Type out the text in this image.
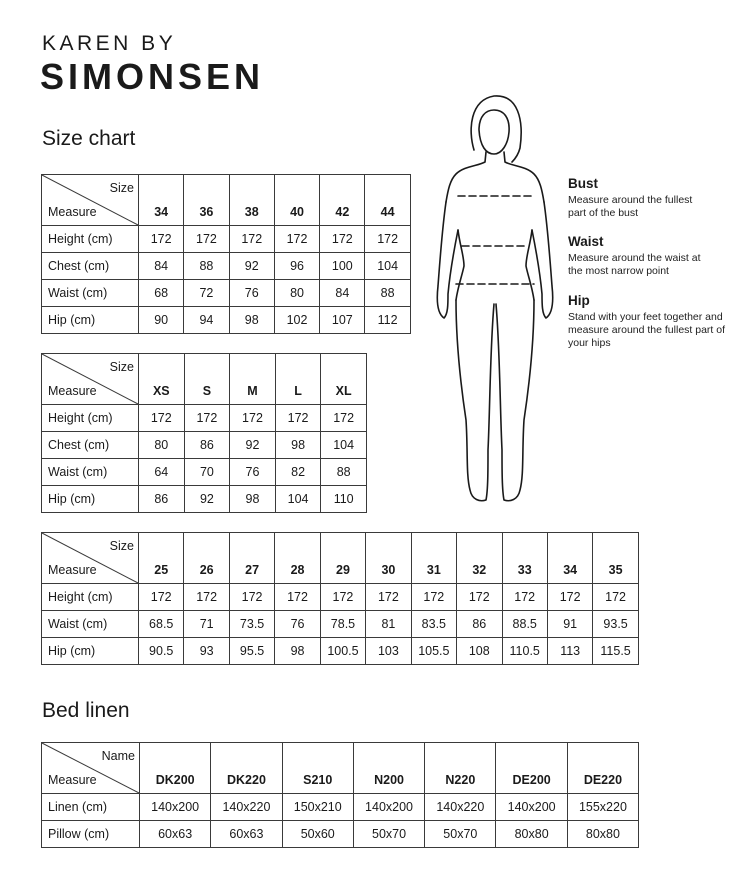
KAREN BY
SIMONSEN
Size chart
Size
Measure	34	36	38	40	42	44
Height (cm)	172	172	172	172	172	172
Chest (cm)	84	88	92	96	100	104
Waist (cm)	68	72	76	80	84	88
Hip (cm)	90	94	98	102	107	112
Size
Measure	XS	S	M	L	XL
Height (cm)	172	172	172	172	172
Chest (cm)	80	86	92	98	104
Waist (cm)	64	70	76	82	88
Hip (cm)	86	92	98	104	110
Size
Measure	25	26	27	28	29	30	31	32	33	34	35
Height (cm)	172	172	172	172	172	172	172	172	172	172	172
Waist (cm)	68.5	71	73.5	76	78.5	81	83.5	86	88.5	91	93.5
Hip (cm)	90.5	93	95.5	98	100.5	103	105.5	108	110.5	113	115.5
Bed linen
Name
Measure	DK200	DK220	S210	N200	N220	DE200	DE220
Linen (cm)	140x200	140x220	150x210	140x200	140x220	140x200	155x220
Pillow (cm)	60x63	60x63	50x60	50x70	50x70	80x80	80x80
Bust
Measure around the fullest part of the bust
Waist
Measure around the waist at the most narrow point
Hip
Stand with your feet together and measure around the fullest part of your hips
